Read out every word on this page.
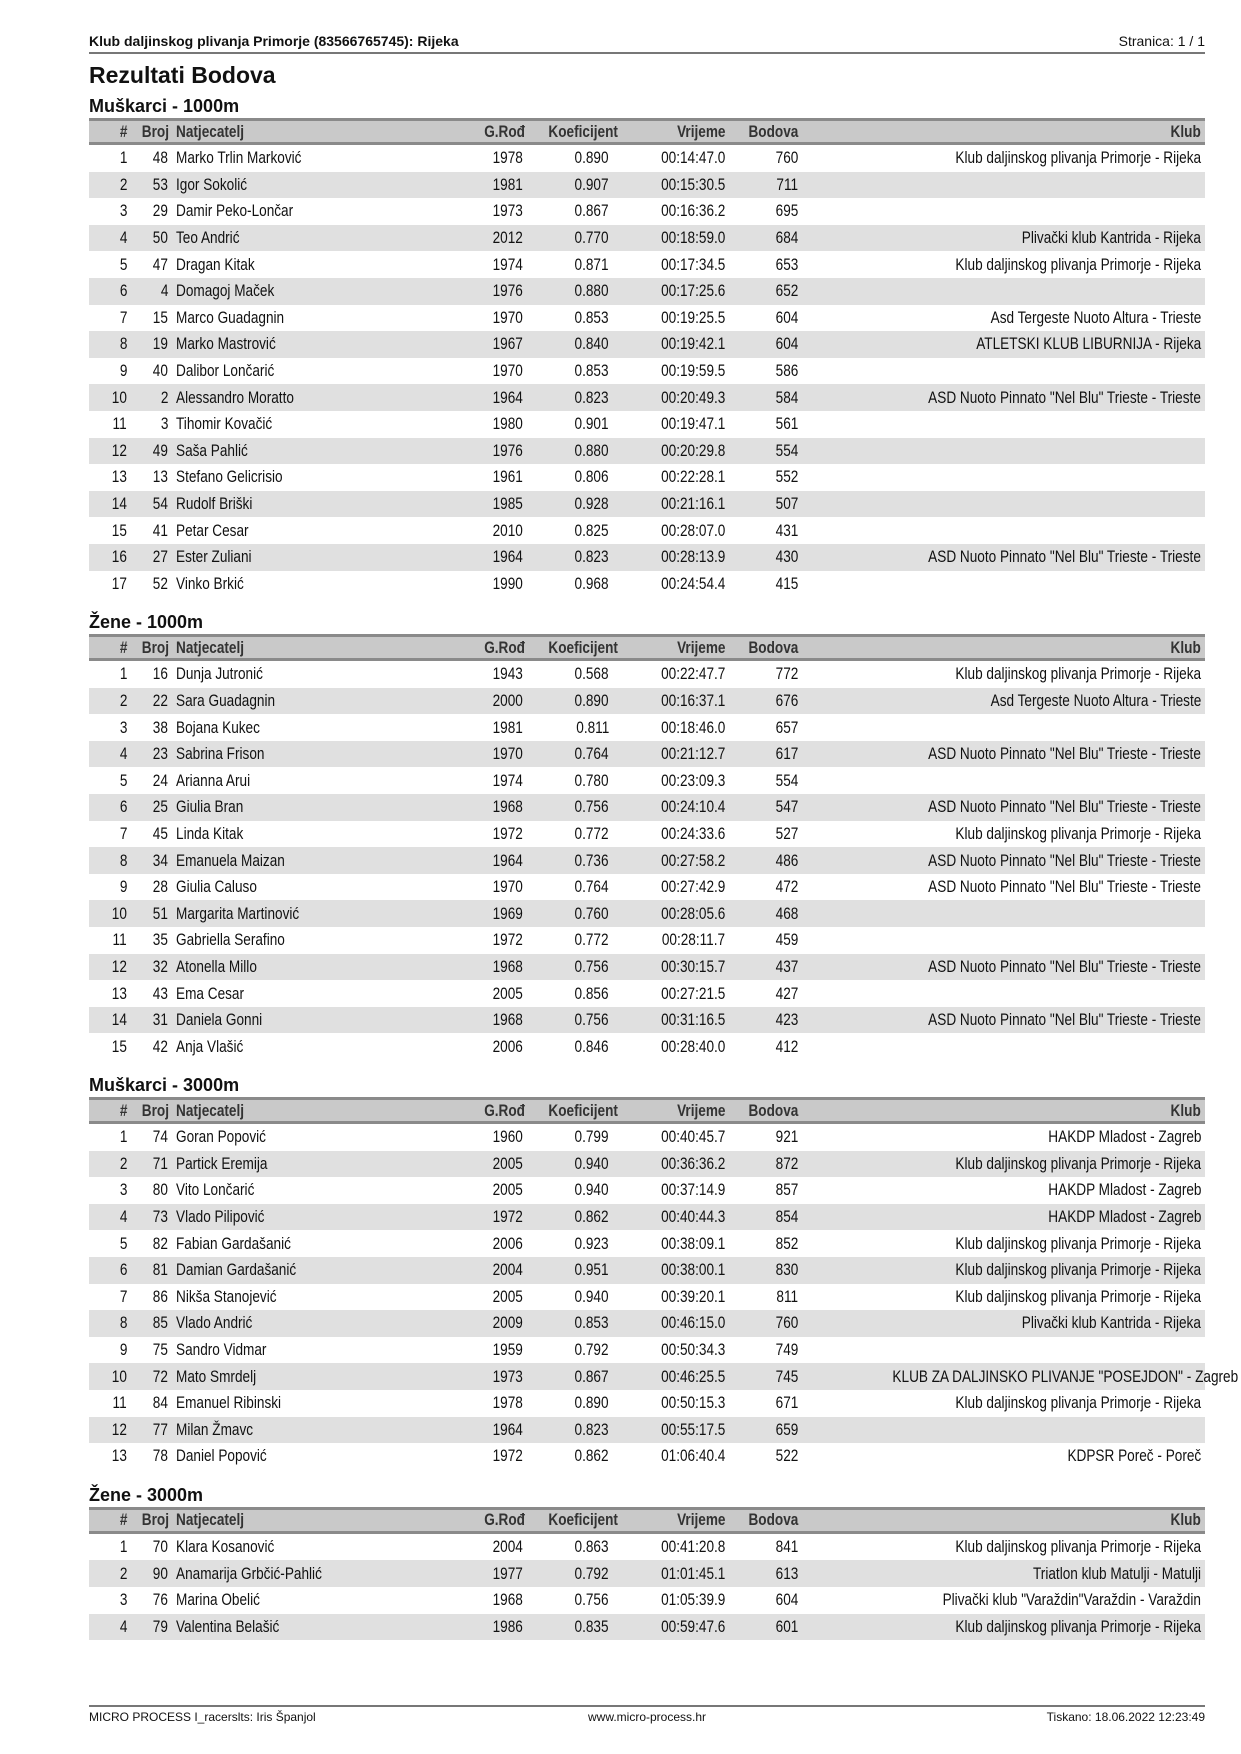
Klub daljinskog plivanja Primorje (83566765745): Rijeka	Stranica: 1 / 1
Rezultati Bodova
Muškarci - 1000m
#	Broj	Natjecatelj	G.Rođ	Koeficijent	Vrijeme	Bodova	Klub
1	48	Marko Trlin Marković	1978	0.890	00:14:47.0	760	Klub daljinskog plivanja Primorje - Rijeka
2	53	Igor Sokolić	1981	0.907	00:15:30.5	711	
3	29	Damir Peko-Lončar	1973	0.867	00:16:36.2	695	
4	50	Teo Andrić	2012	0.770	00:18:59.0	684	Plivački klub Kantrida - Rijeka
5	47	Dragan Kitak	1974	0.871	00:17:34.5	653	Klub daljinskog plivanja Primorje - Rijeka
6	4	Domagoj Maček	1976	0.880	00:17:25.6	652	
7	15	Marco Guadagnin	1970	0.853	00:19:25.5	604	Asd Tergeste Nuoto Altura - Trieste
8	19	Marko Mastrović	1967	0.840	00:19:42.1	604	ATLETSKI KLUB LIBURNIJA - Rijeka
9	40	Dalibor Lončarić	1970	0.853	00:19:59.5	586	
10	2	Alessandro Moratto	1964	0.823	00:20:49.3	584	ASD Nuoto Pinnato "Nel Blu" Trieste - Trieste
11	3	Tihomir Kovačić	1980	0.901	00:19:47.1	561	
12	49	Saša Pahlić	1976	0.880	00:20:29.8	554	
13	13	Stefano Gelicrisio	1961	0.806	00:22:28.1	552	
14	54	Rudolf Briški	1985	0.928	00:21:16.1	507	
15	41	Petar Cesar	2010	0.825	00:28:07.0	431	
16	27	Ester Zuliani	1964	0.823	00:28:13.9	430	ASD Nuoto Pinnato "Nel Blu" Trieste - Trieste
17	52	Vinko Brkić	1990	0.968	00:24:54.4	415	
Žene - 1000m
#	Broj	Natjecatelj	G.Rođ	Koeficijent	Vrijeme	Bodova	Klub
1	16	Dunja Jutronić	1943	0.568	00:22:47.7	772	Klub daljinskog plivanja Primorje - Rijeka
2	22	Sara Guadagnin	2000	0.890	00:16:37.1	676	Asd Tergeste Nuoto Altura - Trieste
3	38	Bojana Kukec	1981	0.811	00:18:46.0	657	
4	23	Sabrina Frison	1970	0.764	00:21:12.7	617	ASD Nuoto Pinnato "Nel Blu" Trieste - Trieste
5	24	Arianna Arui	1974	0.780	00:23:09.3	554	
6	25	Giulia Bran	1968	0.756	00:24:10.4	547	ASD Nuoto Pinnato "Nel Blu" Trieste - Trieste
7	45	Linda Kitak	1972	0.772	00:24:33.6	527	Klub daljinskog plivanja Primorje - Rijeka
8	34	Emanuela Maizan	1964	0.736	00:27:58.2	486	ASD Nuoto Pinnato "Nel Blu" Trieste - Trieste
9	28	Giulia Caluso	1970	0.764	00:27:42.9	472	ASD Nuoto Pinnato "Nel Blu" Trieste - Trieste
10	51	Margarita Martinović	1969	0.760	00:28:05.6	468	
11	35	Gabriella Serafino	1972	0.772	00:28:11.7	459	
12	32	Atonella Millo	1968	0.756	00:30:15.7	437	ASD Nuoto Pinnato "Nel Blu" Trieste - Trieste
13	43	Ema Cesar	2005	0.856	00:27:21.5	427	
14	31	Daniela Gonni	1968	0.756	00:31:16.5	423	ASD Nuoto Pinnato "Nel Blu" Trieste - Trieste
15	42	Anja Vlašić	2006	0.846	00:28:40.0	412	
Muškarci - 3000m
#	Broj	Natjecatelj	G.Rođ	Koeficijent	Vrijeme	Bodova	Klub
1	74	Goran Popović	1960	0.799	00:40:45.7	921	HAKDP Mladost - Zagreb
2	71	Partick Eremija	2005	0.940	00:36:36.2	872	Klub daljinskog plivanja Primorje - Rijeka
3	80	Vito Lončarić	2005	0.940	00:37:14.9	857	HAKDP Mladost - Zagreb
4	73	Vlado Pilipović	1972	0.862	00:40:44.3	854	HAKDP Mladost - Zagreb
5	82	Fabian Gardašanić	2006	0.923	00:38:09.1	852	Klub daljinskog plivanja Primorje - Rijeka
6	81	Damian Gardašanić	2004	0.951	00:38:00.1	830	Klub daljinskog plivanja Primorje - Rijeka
7	86	Nikša Stanojević	2005	0.940	00:39:20.1	811	Klub daljinskog plivanja Primorje - Rijeka
8	85	Vlado Andrić	2009	0.853	00:46:15.0	760	Plivački klub Kantrida - Rijeka
9	75	Sandro Vidmar	1959	0.792	00:50:34.3	749	
10	72	Mato Smrdelj	1973	0.867	00:46:25.5	745	KLUB ZA DALJINSKO PLIVANJE "POSEJDON" - Zagreb
11	84	Emanuel Ribinski	1978	0.890	00:50:15.3	671	Klub daljinskog plivanja Primorje - Rijeka
12	77	Milan Žmavc	1964	0.823	00:55:17.5	659	
13	78	Daniel Popović	1972	0.862	01:06:40.4	522	KDPSR Poreč - Poreč
Žene - 3000m
#	Broj	Natjecatelj	G.Rođ	Koeficijent	Vrijeme	Bodova	Klub
1	70	Klara Kosanović	2004	0.863	00:41:20.8	841	Klub daljinskog plivanja Primorje - Rijeka
2	90	Anamarija Grbčić-Pahlić	1977	0.792	01:01:45.1	613	Triatlon klub Matulji - Matulji
3	76	Marina Obelić	1968	0.756	01:05:39.9	604	Plivački klub "Varaždin"Varaždin - Varaždin
4	79	Valentina Belašić	1986	0.835	00:59:47.6	601	Klub daljinskog plivanja Primorje - Rijeka
MICRO PROCESS I_racerslts: Iris Španjol	www.micro-process.hr	Tiskano: 18.06.2022 12:23:49
